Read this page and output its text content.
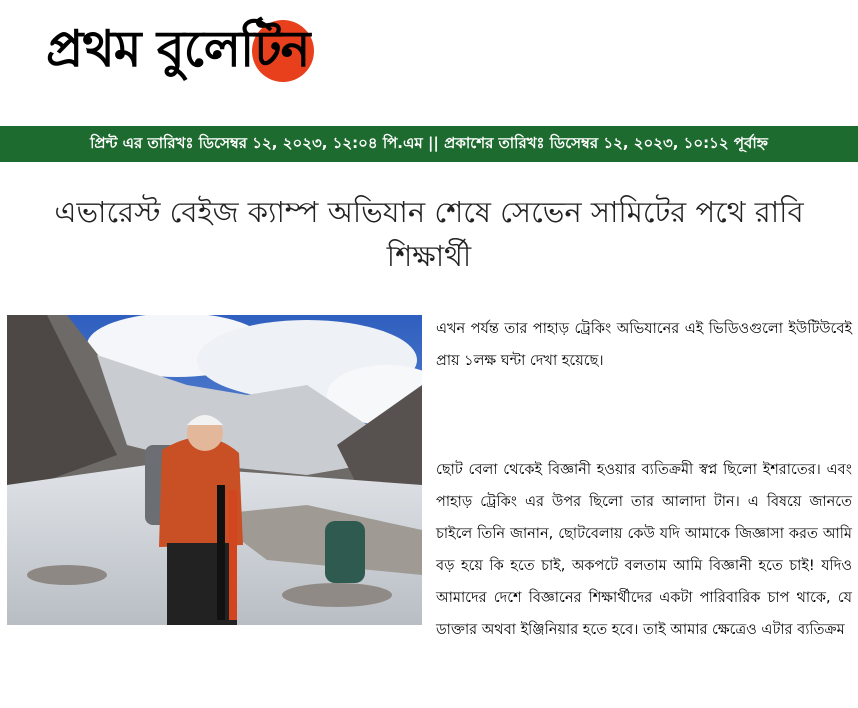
প্রথম বুলেটিন
প্রিন্ট এর তারিখঃ ডিসেম্বর ১২, ২০২৩, ১২:০৪ পি.এম || প্রকাশের তারিখঃ ডিসেম্বর ১২, ২০২৩, ১০:১২ পূর্বাহ্ন
এভারেস্ট বেইজ ক্যাম্প অভিযান শেষে সেভেন সামিটের পথে রাবি শিক্ষার্থী

এখন পর্যন্ত তার পাহাড় ট্রেকিং অভিযানের এই ভিডিওগুলো ইউটিউবেই প্রায় ১লক্ষ ঘন্টা দেখা হয়েছে।

ছোট বেলা থেকেই বিজ্ঞানী হওয়ার ব্যতিক্রমী স্বপ্ন ছিলো ইশরাতের। এবং পাহাড় ট্রেকিং এর উপর ছিলো তার আলাদা টান। এ বিষয়ে জানতে চাইলে তিনি জানান, ছোটবেলায় কেউ যদি আমাকে জিজ্ঞাসা করত আমি বড় হয়ে কি হতে চাই, অকপটে বলতাম আমি বিজ্ঞানী হতে চাই! যদিও আমাদের দেশে বিজ্ঞানের শিক্ষার্থীদের একটা পারিবারিক চাপ থাকে, যে ডাক্তার অথবা ইঞ্জিনিয়ার হতে হবে। তাই আমার ক্ষেত্রেও এটার ব্যতিক্রম
